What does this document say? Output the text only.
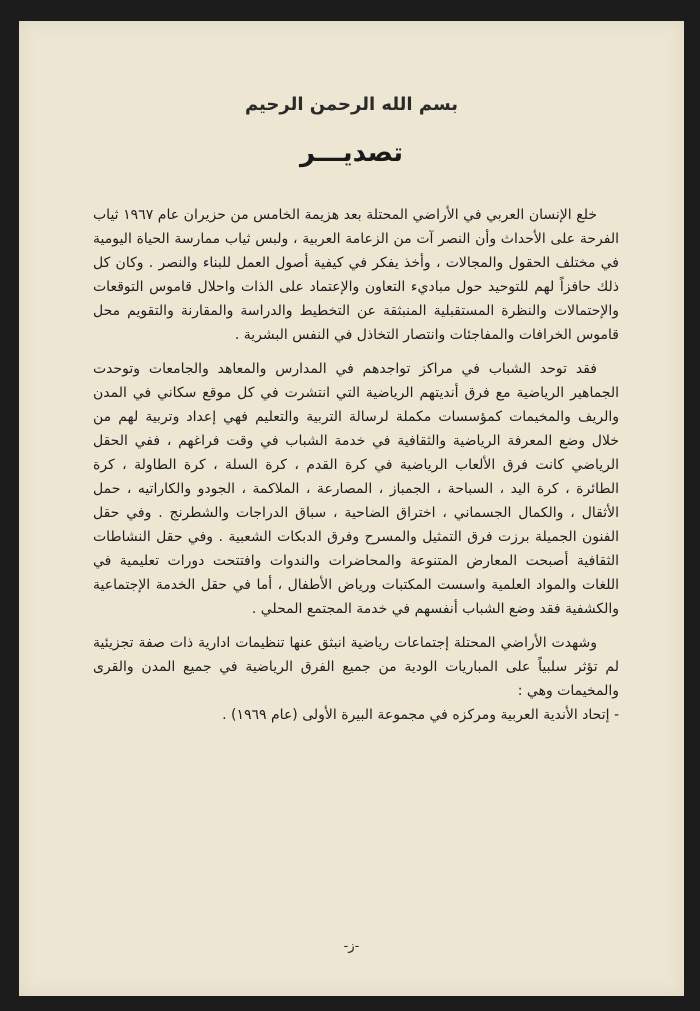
بسم الله الرحمن الرحيم
تصديـــر

خلع الإنسان العربي في الأراضي المحتلة بعد هزيمة الخامس من حزيران عام ١٩٦٧ ثياب الفرحة على الأحداث وأن النصر آت من الزعامة العربية ، ولبس ثياب ممارسة الحياة اليومية في مختلف الحقول والمجالات ، وأخذ يفكر في كيفية أصول العمل للبناء والنصر . وكان كل ذلك حافزاً لهم للتوحيد حول مباديء التعاون والإعتماد على الذات واحلال قاموس التوقعات والإحتمالات والنظرة المستقبلية المنبثقة عن التخطيط والدراسة والمقارنة والتقويم محل قاموس الخرافات والمفاجئات وانتصار التخاذل في النفس البشرية .

فقد توحد الشباب في مراكز تواجدهم في المدارس والمعاهد والجامعات وتوحدت الجماهير الرياضية مع فرق أنديتهم الرياضية التي انتشرت في كل موقع سكاني في المدن والريف والمخيمات كمؤسسات مكملة لرسالة التربية والتعليم فهي إعداد وتربية لهم من خلال وضع المعرفة الرياضية والثقافية في خدمة الشباب في وقت فراغهم ، ففي الحقل الرياضي كانت فرق الألعاب الرياضية في كرة القدم ، كرة السلة ، كرة الطاولة ، كرة الطائرة ، كرة اليد ، السباحة ، الجمباز ، المصارعة ، الملاكمة ، الجودو والكاراتيه ، حمل الأثقال ، والكمال الجسماني ، اختراق الضاحية ، سباق الدراجات والشطرنج . وفي حقل الفنون الجميلة برزت فرق التمثيل والمسرح وفرق الدبكات الشعبية . وفي حقل النشاطات الثقافية أصبحت المعارض المتنوعة والمحاضرات والندوات وافتتحت دورات تعليمية في اللغات والمواد العلمية واسست المكتبات ورياض الأطفال ، أما في حقل الخدمة الإجتماعية والكشفية فقد وضع الشباب أنفسهم في خدمة المجتمع المحلي .

وشهدت الأراضي المحتلة إجتماعات رياضية انبثق عنها تنظيمات ادارية ذات صفة تجزيئية لم تؤثر سلبياً على المباريات الودية من جميع الفرق الرياضية في جميع المدن والقرى والمخيمات وهي :

- إتحاد الأندية العربية ومركزه في مجموعة البيرة الأولى (عام ١٩٦٩) .

-ز-
